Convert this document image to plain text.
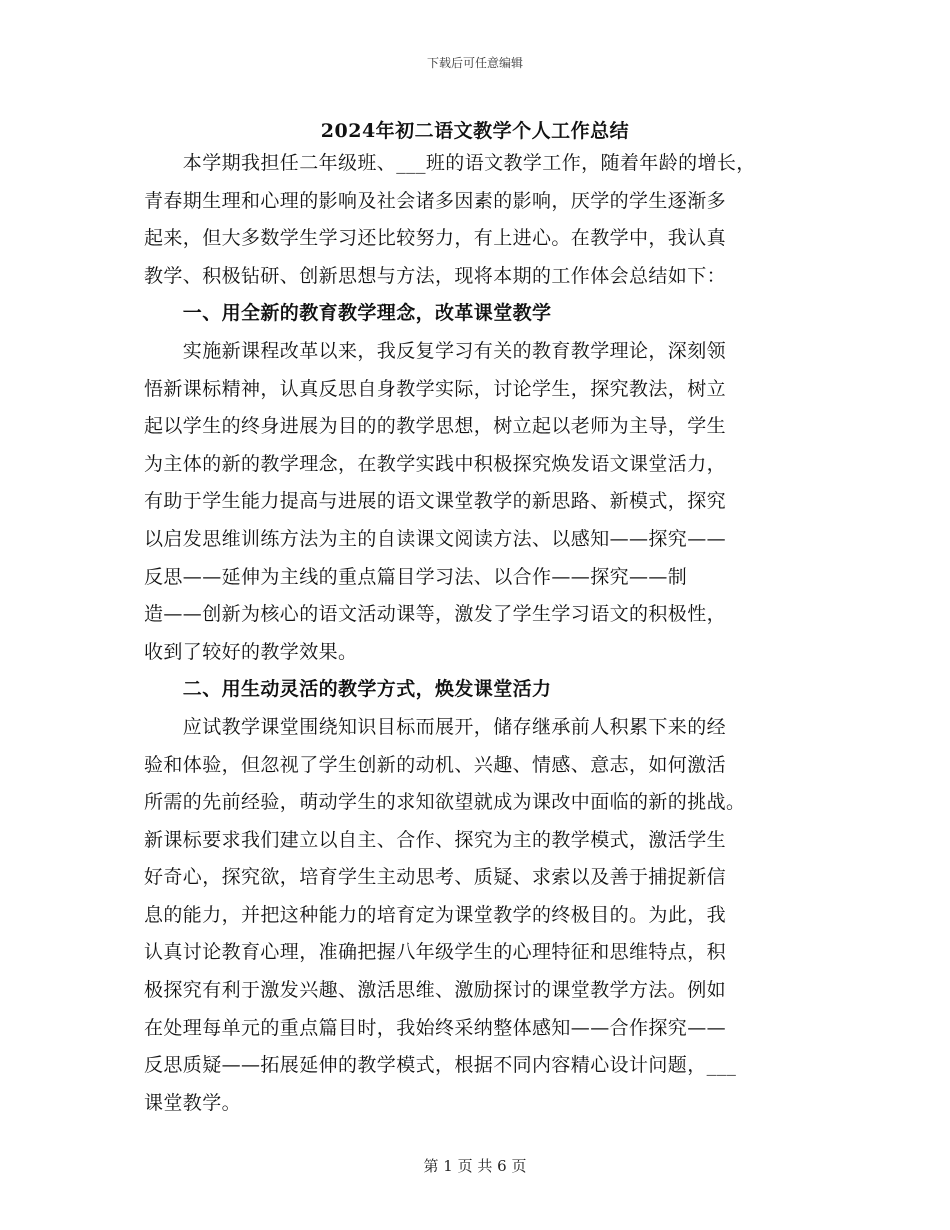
下载后可任意编辑
2024年初二语文教学个人工作总结
　　本学期我担任二年级班、___班的语文教学工作，随着年龄的增长，
青春期生理和心理的影响及社会诸多因素的影响，厌学的学生逐渐多
起来，但大多数学生学习还比较努力，有上进心。在教学中，我认真
教学、积极钻研、创新思想与方法，现将本期的工作体会总结如下：
　　一、用全新的教育教学理念，改革课堂教学
　　实施新课程改革以来，我反复学习有关的教育教学理论，深刻领
悟新课标精神，认真反思自身教学实际，讨论学生，探究教法，树立
起以学生的终身进展为目的的教学思想，树立起以老师为主导，学生
为主体的新的教学理念，在教学实践中积极探究焕发语文课堂活力，
有助于学生能力提高与进展的语文课堂教学的新思路、新模式，探究
以启发思维训练方法为主的自读课文阅读方法、以感知——探究——
反思——延伸为主线的重点篇目学习法、以合作——探究——制
造——创新为核心的语文活动课等，激发了学生学习语文的积极性，
收到了较好的教学效果。
　　二、用生动灵活的教学方式，焕发课堂活力
　　应试教学课堂围绕知识目标而展开，储存继承前人积累下来的经
验和体验，但忽视了学生创新的动机、兴趣、情感、意志，如何激活
所需的先前经验，萌动学生的求知欲望就成为课改中面临的新的挑战。
新课标要求我们建立以自主、合作、探究为主的教学模式，激活学生
好奇心，探究欲，培育学生主动思考、质疑、求索以及善于捕捉新信
息的能力，并把这种能力的培育定为课堂教学的终极目的。为此，我
认真讨论教育心理，准确把握八年级学生的心理特征和思维特点，积
极探究有利于激发兴趣、激活思维、激励探讨的课堂教学方法。例如
在处理每单元的重点篇目时，我始终采纳整体感知——合作探究——
反思质疑——拓展延伸的教学模式，根据不同内容精心设计问题，___
课堂教学。
第 1 页 共 6 页
